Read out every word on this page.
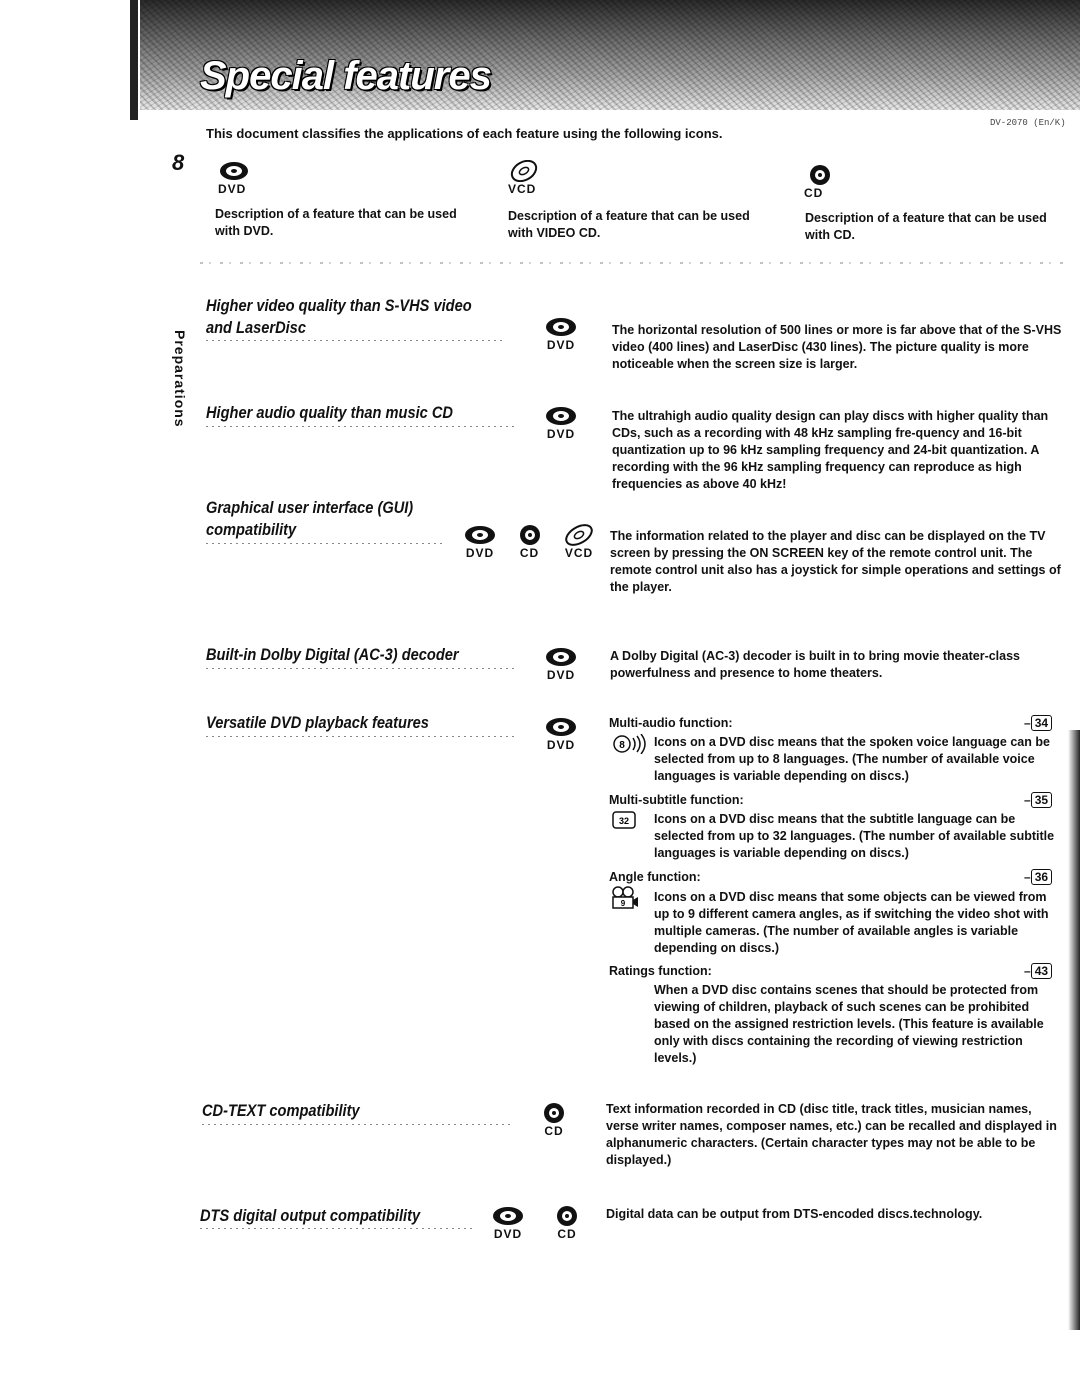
Special features
DV-2070 (En/K)
8
Preparations
This document classifies the applications of each feature using the following icons.
DVD
Description of a feature that can be used with DVD.
VCD
Description of a feature that can be used with VIDEO CD.
CD
Description of a feature that can be used with CD.
Higher video quality than S-VHS video
and LaserDisc
DVD
The horizontal resolution of 500 lines or more is far above that of the S-VHS video (400 lines) and LaserDisc (430 lines). The picture quality is more noticeable when the screen size is larger.
Higher audio quality than music CD
DVD
The ultrahigh audio quality design can play discs with higher quality than CDs, such as a recording with 48 kHz sampling fre-quency and 16-bit quantization up to 96 kHz sampling frequency and 24-bit quantization. A recording with the 96 kHz sampling frequency can reproduce as high frequencies as above 40 kHz!
Graphical user interface (GUI)
compatibility
DVD	CD	VCD
The information related to the player and disc can be displayed on the TV screen by pressing the ON SCREEN key of the remote control unit. The remote control unit also has a joystick for simple operations and settings of the player.
Built-in Dolby Digital (AC-3) decoder
DVD
A Dolby Digital (AC-3) decoder is built in to bring movie theater-class powerfulness and presence to home theaters.
Versatile DVD playback features
DVD
Multi-audio function:	– 34
8 Icons on a DVD disc means that the spoken voice language can be selected from up to 8 languages. (The number of available voice languages is variable depending on discs.)
Multi-subtitle function:	– 35
32 Icons on a DVD disc means that the subtitle language can be selected from up to 32 languages. (The number of available subtitle languages is variable depending on discs.)
Angle function:	– 36
9 Icons on a DVD disc means that some objects can be viewed from up to 9 different camera angles, as if switching the video shot with multiple cameras. (The number of available angles is variable depending on discs.)
Ratings function:	– 43
When a DVD disc contains scenes that should be protected from viewing of children, playback of such scenes can be prohibited based on the assigned restriction levels. (This feature is available only with discs containing the recording of viewing restriction levels.)
CD-TEXT compatibility
CD
Text information recorded in CD (disc title, track titles, musician names, verse writer names, composer names, etc.) can be recalled and displayed in alphanumeric characters. (Certain character types may not be able to be displayed.)
DTS digital output compatibility
DVD	CD
Digital data can be output from DTS-encoded discs.technology.
